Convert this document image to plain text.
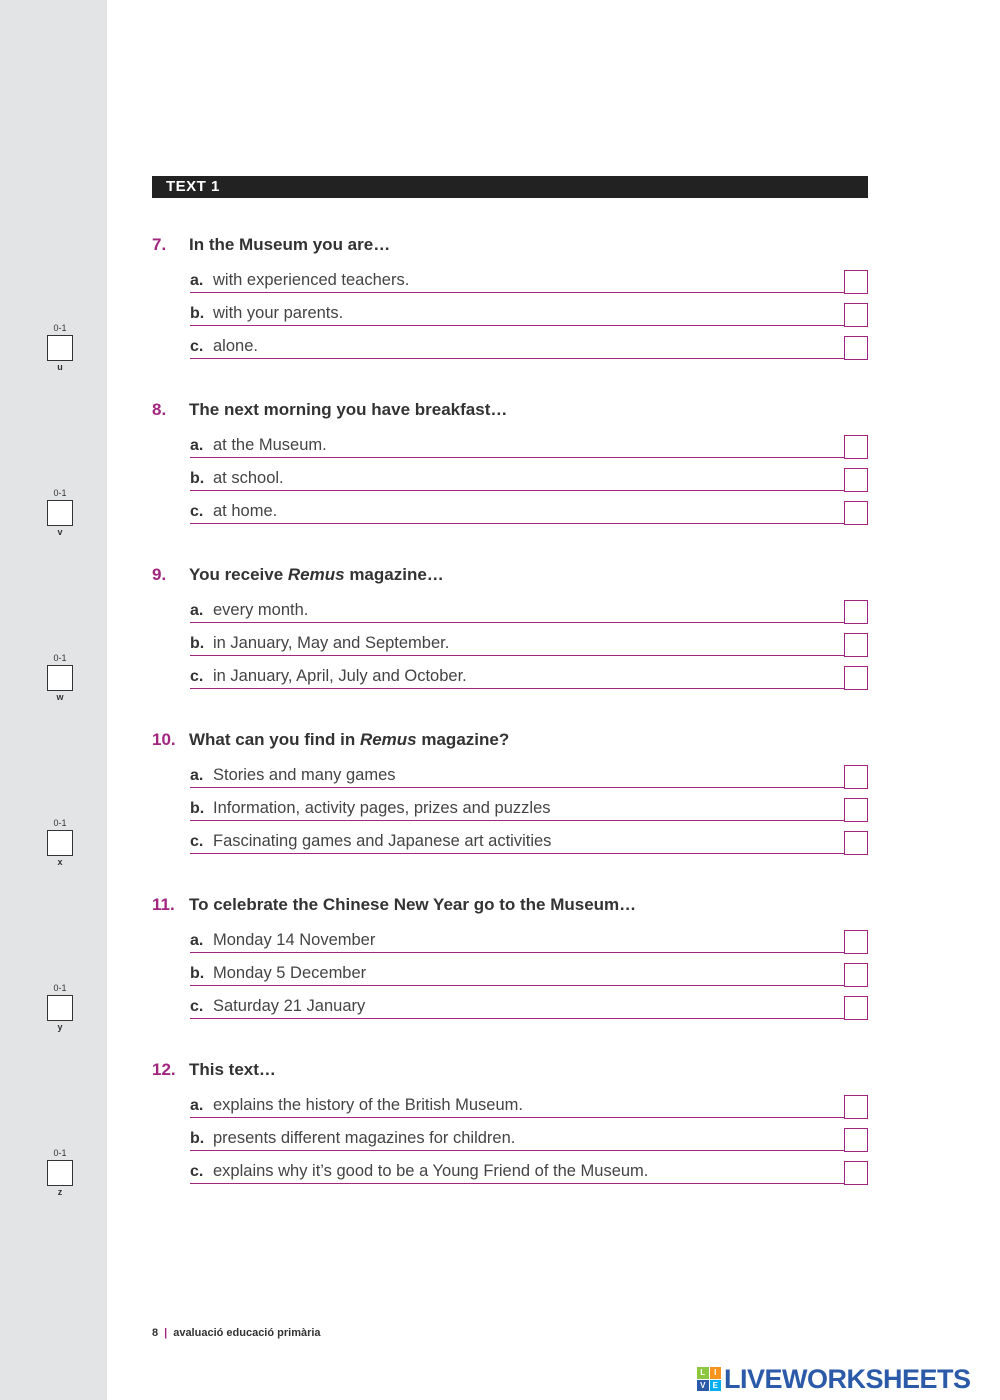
TEXT 1
7. In the Museum you are…
a. with experienced teachers.
b. with your parents.
c. alone.
8. The next morning you have breakfast…
a. at the Museum.
b. at school.
c. at home.
9. You receive Remus magazine…
a. every month.
b. in January, May and September.
c. in January, April, July and October.
10. What can you find in Remus magazine?
a. Stories and many games
b. Information, activity pages, prizes and puzzles
c. Fascinating games and Japanese art activities
11. To celebrate the Chinese New Year go to the Museum…
a. Monday 14 November
b. Monday 5 December
c. Saturday 21 January
12. This text…
a. explains the history of the British Museum.
b. presents different magazines for children.
c. explains why it’s good to be a Young Friend of the Museum.
0-1
u
0-1
v
0-1
w
0-1
x
0-1
y
0-1
z
8 | avaluació educació primària
L	I
V E LIVEWORKSHEETS
